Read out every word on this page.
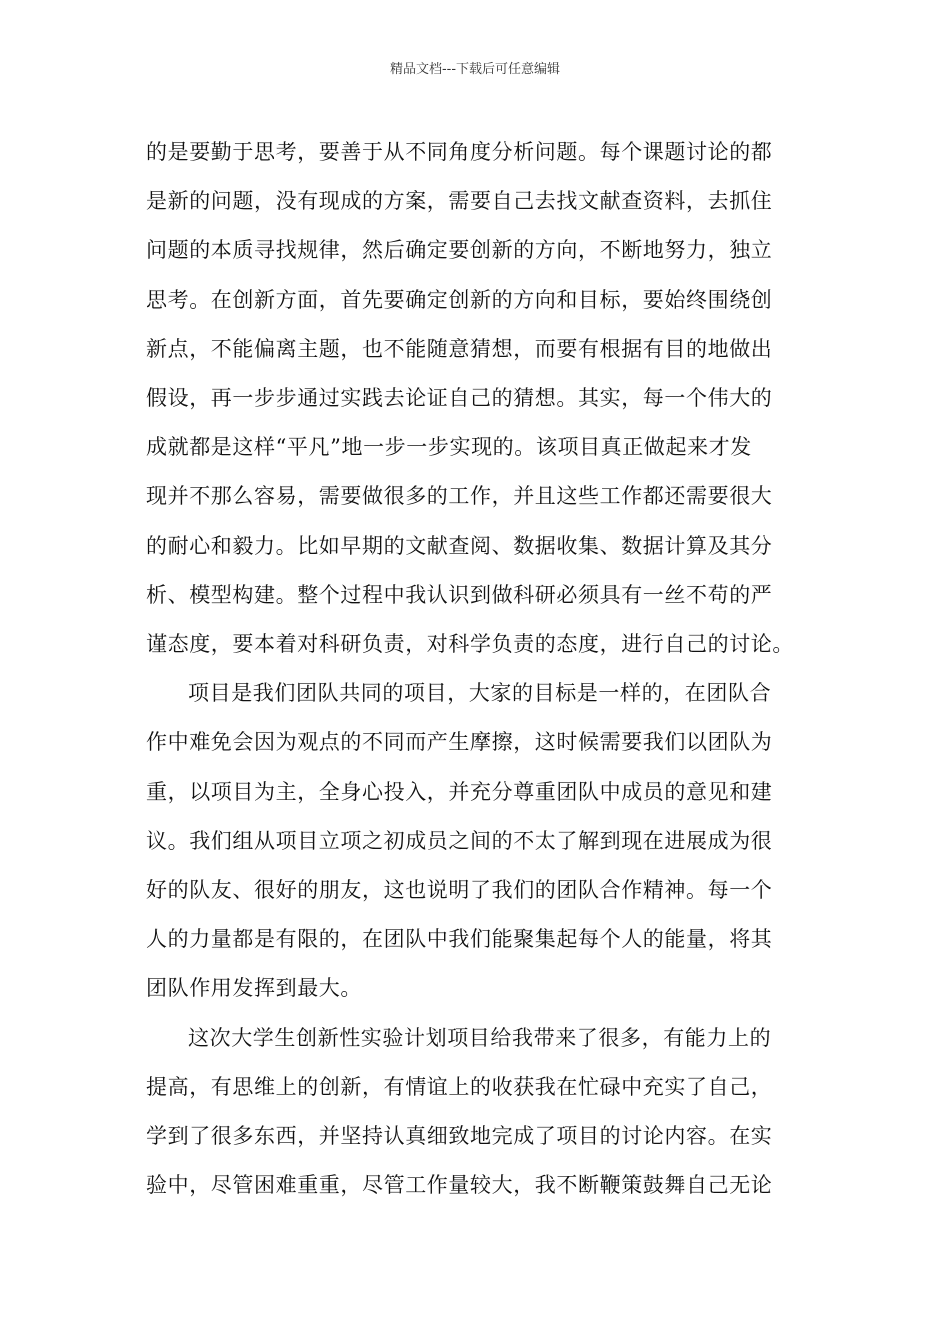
精品文档---下载后可任意编辑
的是要勤于思考，要善于从不同角度分析问题。每个课题讨论的都
是新的问题，没有现成的方案，需要自己去找文献查资料，去抓住
问题的本质寻找规律，然后确定要创新的方向，不断地努力，独立
思考。在创新方面，首先要确定创新的方向和目标，要始终围绕创
新点，不能偏离主题，也不能随意猜想，而要有根据有目的地做出
假设，再一步步通过实践去论证自己的猜想。其实，每一个伟大的
成就都是这样“平凡”地一步一步实现的。该项目真正做起来才发
现并不那么容易，需要做很多的工作，并且这些工作都还需要很大
的耐心和毅力。比如早期的文献查阅、数据收集、数据计算及其分
析、模型构建。整个过程中我认识到做科研必须具有一丝不苟的严
谨态度，要本着对科研负责，对科学负责的态度，进行自己的讨论。
项目是我们团队共同的项目，大家的目标是一样的，在团队合
作中难免会因为观点的不同而产生摩擦，这时候需要我们以团队为
重，以项目为主，全身心投入，并充分尊重团队中成员的意见和建
议。我们组从项目立项之初成员之间的不太了解到现在进展成为很
好的队友、很好的朋友，这也说明了我们的团队合作精神。每一个
人的力量都是有限的，在团队中我们能聚集起每个人的能量，将其
团队作用发挥到最大。
这次大学生创新性实验计划项目给我带来了很多，有能力上的
提高，有思维上的创新，有情谊上的收获我在忙碌中充实了自己，
学到了很多东西，并坚持认真细致地完成了项目的讨论内容。在实
验中，尽管困难重重，尽管工作量较大，我不断鞭策鼓舞自己无论
